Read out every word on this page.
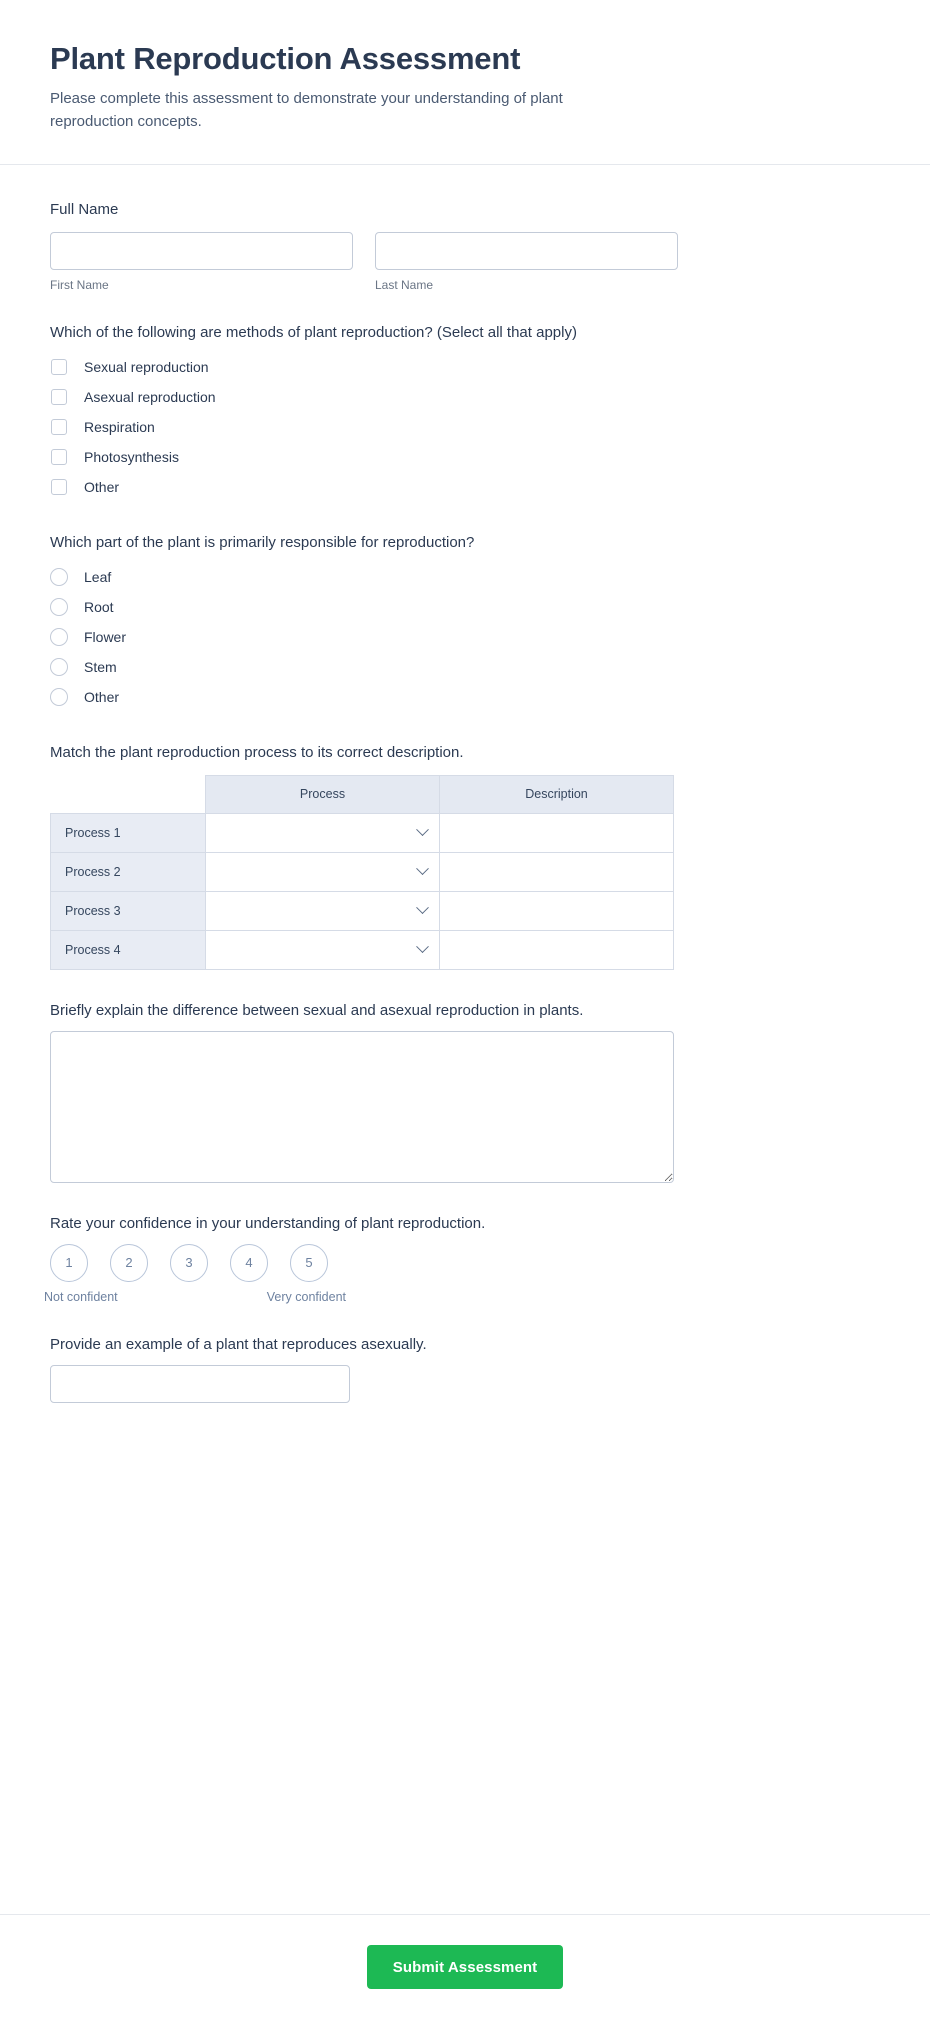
Plant Reproduction Assessment

Please complete this assessment to demonstrate your understanding of plant reproduction concepts.

Full Name
First Name	Last Name
Which of the following are methods of plant reproduction? (Select all that apply)
Sexual reproduction
Asexual reproduction
Respiration
Photosynthesis
Other
Which part of the plant is primarily responsible for reproduction?
Leaf
Root
Flower
Stem
Other
Match the plant reproduction process to its correct description.
	Process	Description
Process 1	

Process 2	

Process 3	

Process 4	

Briefly explain the difference between sexual and asexual reproduction in plants.
Rate your confidence in your understanding of plant reproduction.
1	2	3	4	5
Not confident	Very confident
Provide an example of a plant that reproduces asexually.
Submit Assessment
